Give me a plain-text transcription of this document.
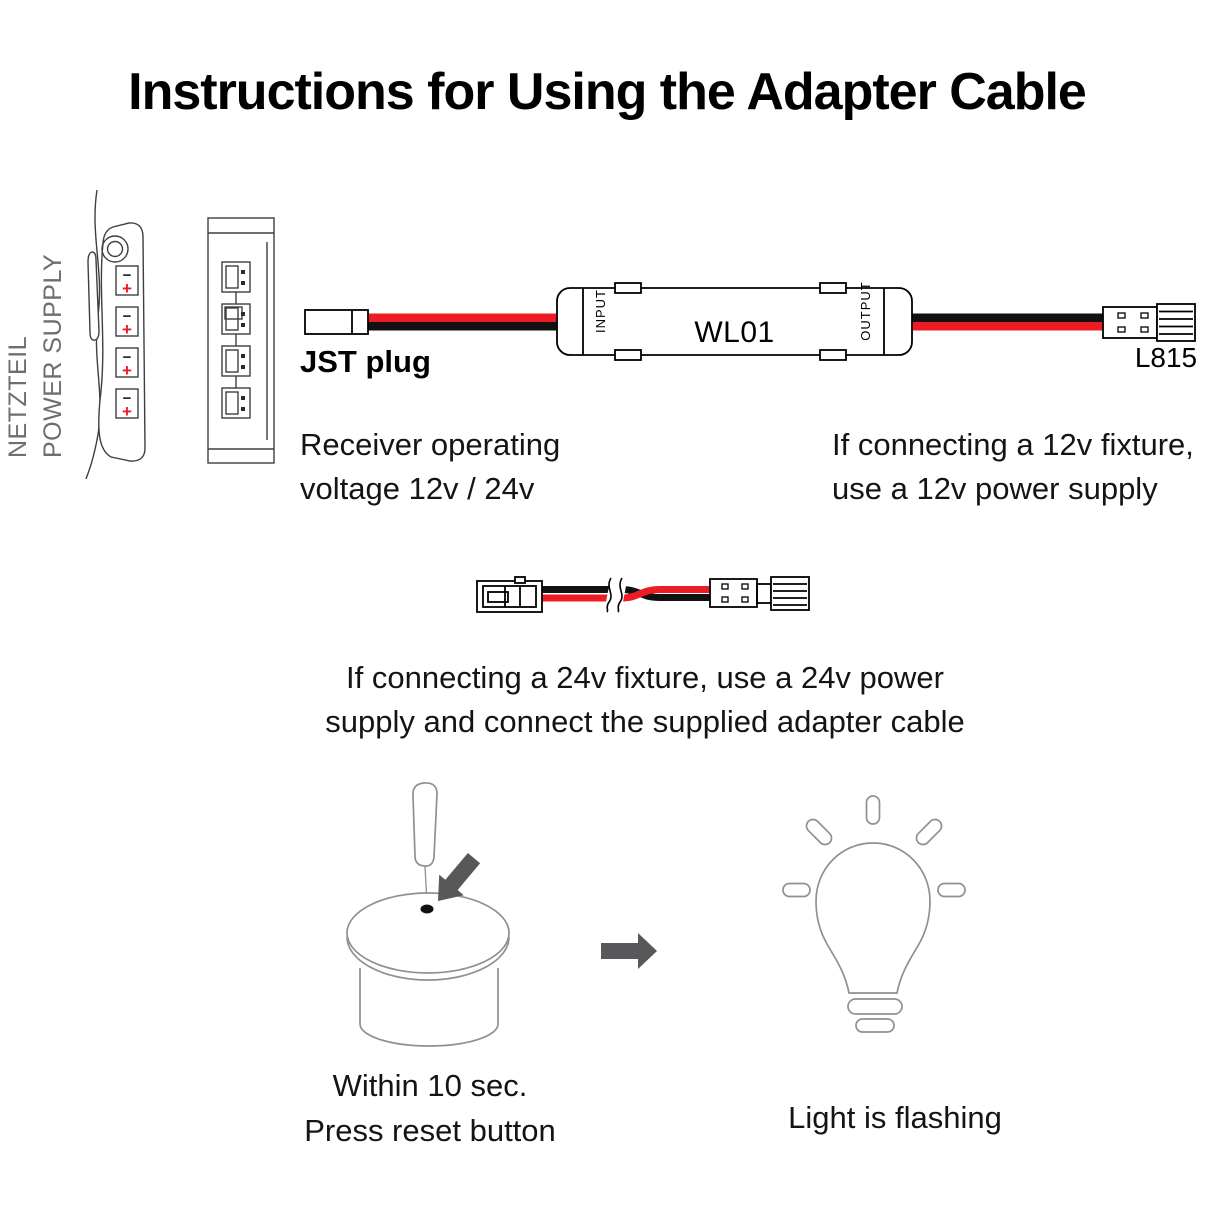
Instructions for Using the Adapter Cable
NETZTEIL POWER SUPPLY	−
+
−
+
−
+
−
+
JST plug
INPUT	WL01	OUTPUT
L815
Receiver operating
voltage 12v / 24v
If connecting a 12v fixture,
use a 12v power supply
If connecting a 24v fixture, use a 24v power
supply and connect the supplied adapter cable
Within 10 sec.
Press reset button	Light is flashing
